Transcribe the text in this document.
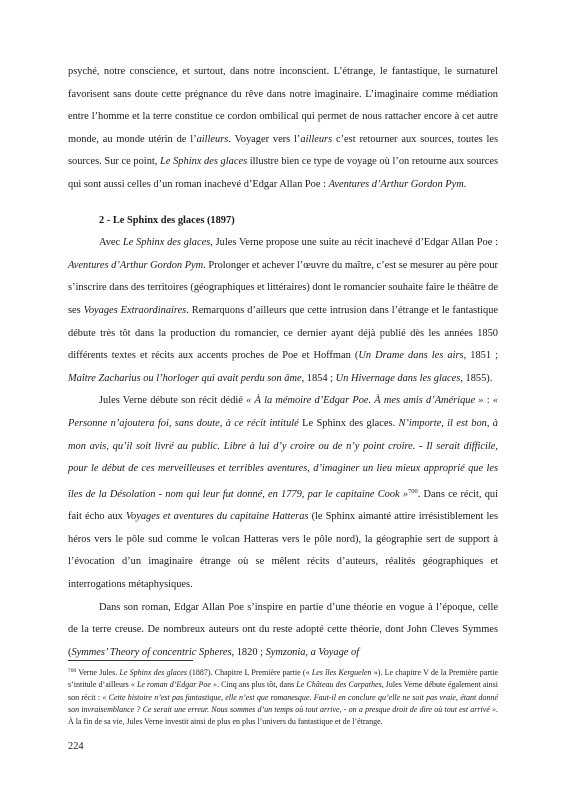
psyché, notre conscience, et surtout, dans notre inconscient. L’étrange, le fantastique, le surnaturel favorisent sans doute cette prégnance du rêve dans notre imaginaire. L’imaginaire comme médiation entre l’homme et la terre constitue ce cordon ombilical qui permet de nous rattacher encore à cet autre monde, au monde utérin de l’ailleurs. Voyager vers l’ailleurs c’est retourner aux sources, toutes les sources. Sur ce point, Le Sphinx des glaces illustre bien ce type de voyage où l’on retourne aux sources qui sont aussi celles d’un roman inachevé d’Edgar Allan Poe : Aventures d’Arthur Gordon Pym.

2 - Le Sphinx des glaces (1897)

Avec Le Sphinx des glaces, Jules Verne propose une suite au récit inachevé d’Edgar Allan Poe : Aventures d’Arthur Gordon Pym. Prolonger et achever l’œuvre du maître, c’est se mesurer au père pour s’inscrire dans des territoires (géographiques et littéraires) dont le romancier souhaite faire le théâtre de ses Voyages Extraordinaires. Remarquons d’ailleurs que cette intrusion dans l’étrange et le fantastique débute très tôt dans la production du romancier, ce dernier ayant déjà publié dès les années 1850 différents textes et récits aux accents proches de Poe et Hoffman (Un Drame dans les airs, 1851 ; Maître Zacharius ou l’horloger qui avait perdu son âme, 1854 ; Un Hivernage dans les glaces, 1855).

Jules Verne débute son récit dédié « À la mémoire d’Edgar Poe. À mes amis d’Amérique » : « Personne n’ajoutera foi, sans doute, à ce récit intitulé Le Sphinx des glaces. N’importe, il est bon, à mon avis, qu’il soit livré au public. Libre à lui d’y croire ou de n’y point croire. - Il serait difficile, pour le début de ces merveilleuses et terribles aventures, d’imaginer un lieu mieux approprié que les îles de la Désolation - nom qui leur fut donné, en 1779, par le capitaine Cook »$^{700}$. Dans ce récit, qui fait écho aux Voyages et aventures du capitaine Hatteras (le Sphinx aimanté attire irrésistiblement les héros vers le pôle sud comme le volcan Hatteras vers le pôle nord), la géographie sert de support à l’évocation d’un imaginaire étrange où se mêlent récits d’auteurs, réalités géographiques et interrogations métaphysiques.

Dans son roman, Edgar Allan Poe s’inspire en partie d’une théorie en vogue à l’époque, celle de la terre creuse. De nombreux auteurs ont du reste adopté cette théorie, dont John Cleves Symmes (Symmes’ Theory of concentric Spheres, 1820 ; Symzonia, a Voyage of

$^{700}$ Verne Jules. Le Sphinx des glaces (1887). Chapitre I, Première partie (« Les îles Kerguelen »). Le chapitre V de la Première partie s’intitule d’ailleurs « Le roman d’Edgar Poe ». Cinq ans plus tôt, dans Le Château des Carpathes, Jules Verne débute également ainsi son récit : « Cette histoire n’est pas fantastique, elle n’est que romanesque. Faut-il en conclure qu’elle ne soit pas vraie, étant donné son invraisemblance ? Ce serait une erreur. Nous sommes d’un temps où tout arrive, - on a presque droit de dire où tout est arrivé ». À la fin de sa vie, Jules Verne investit ainsi de plus en plus l’univers du fantastique et de l’étrange.
224
